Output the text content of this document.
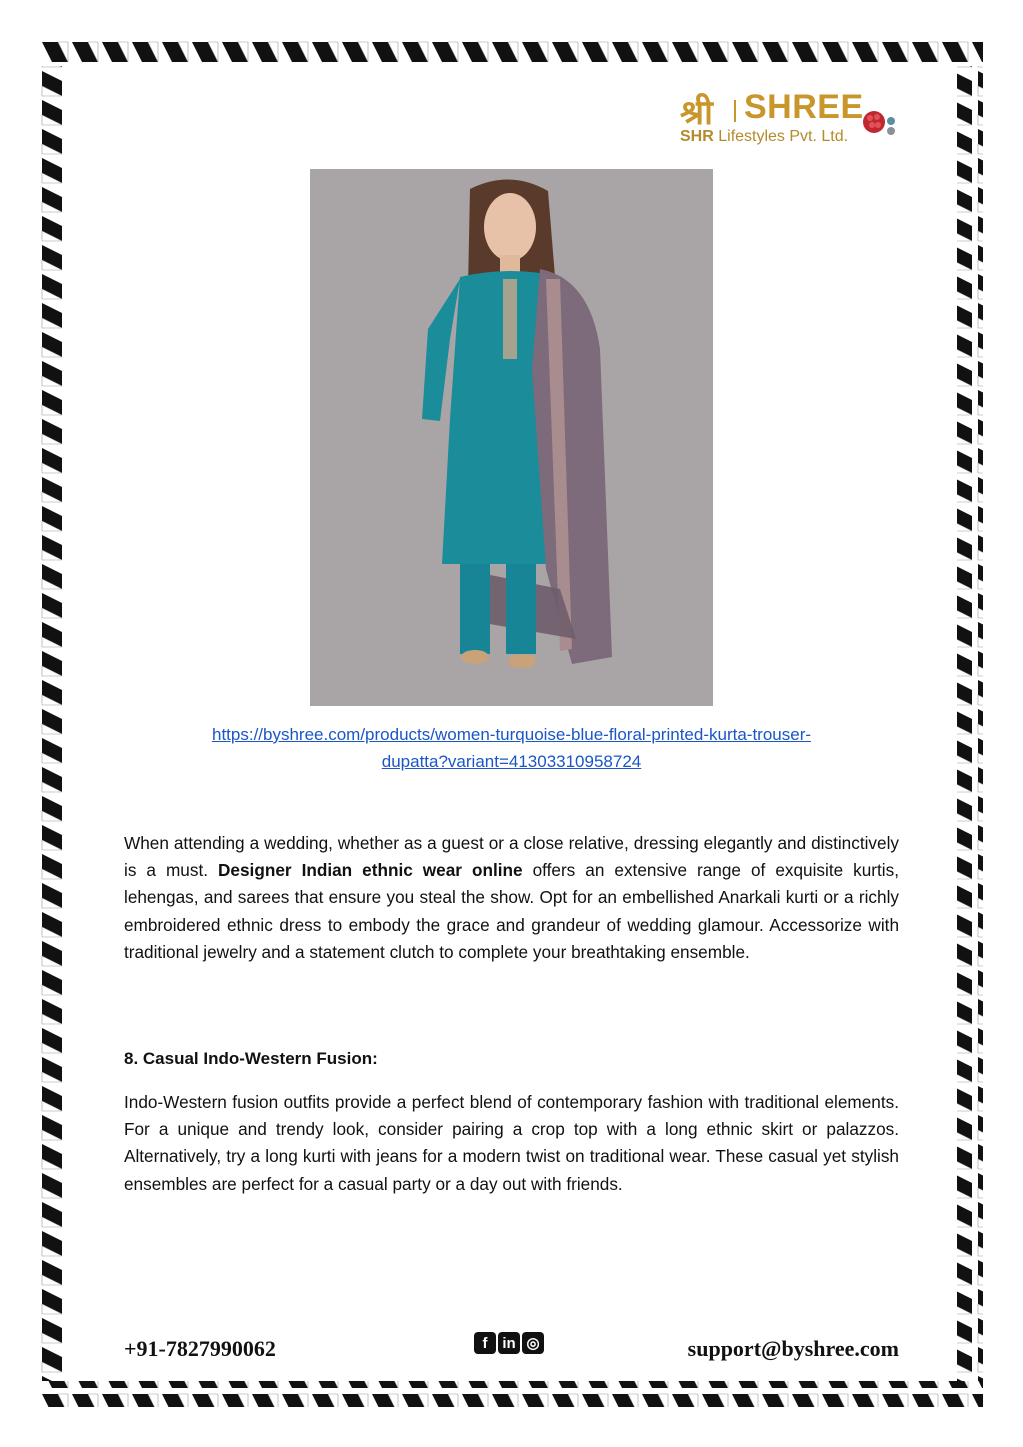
श्री SHREE
SHR Lifestyles Pvt. Ltd.
https://byshree.com/products/women-turquoise-blue-floral-printed-kurta-trouser-
dupatta?variant=41303310958724

When attending a wedding, whether as a guest or a close relative, dressing elegantly and distinctively is a must. Designer Indian ethnic wear online offers an extensive range of exquisite kurtis, lehengas, and sarees that ensure you steal the show. Opt for an embellished Anarkali kurti or a richly embroidered ethnic dress to embody the grace and grandeur of wedding glamour. Accessorize with traditional jewelry and a statement clutch to complete your breathtaking ensemble.

8. Casual Indo-Western Fusion:

Indo-Western fusion outfits provide a perfect blend of contemporary fashion with traditional elements. For a unique and trendy look, consider pairing a crop top with a long ethnic skirt or palazzos. Alternatively, try a long kurti with jeans for a modern twist on traditional wear. These casual yet stylish ensembles are perfect for a casual party or a day out with friends.

+91-7827990062	f in ◎	support@byshree.com
